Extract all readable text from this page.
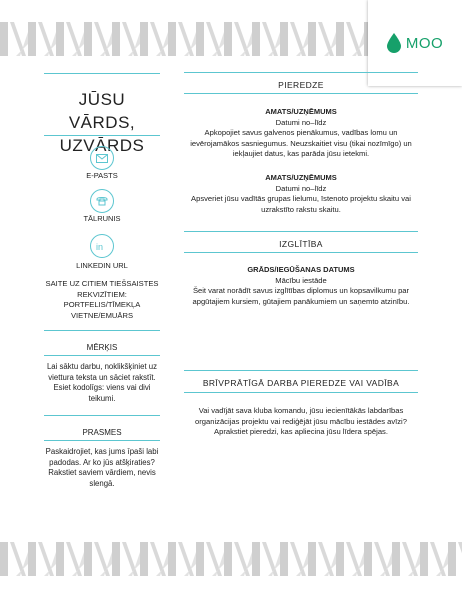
MOO
JŪSU VĀRDS,
UZVĀRDS
E-PASTS
TĀLRUNIS
in
LINKEDIN URL
SAITE UZ CITIEM TIEŠSAISTES REKVIZĪTIEM: PORTFELIS/TĪMEKĻA VIETNE/EMUĀRS
MĒRĶIS
Lai sāktu darbu, noklikšķiniet uz viettura teksta un sāciet rakstīt. Esiet kodolīgs: viens vai divi teikumi.
PRASMES
Paskaidrojiet, kas jums īpaši labi padodas. Ar ko jūs atšķiraties? Rakstiet saviem vārdiem, nevis slengā.
PIEREDZE
AMATS/UZŅĒMUMS
Datumi no–līdz
Apkopojiet savus galvenos pienākumus, vadības lomu un ievērojamākos sasniegumus. Neuzskaitiet visu (tikai nozīmīgo) un iekļaujiet datus, kas parāda jūsu ietekmi.
AMATS/UZŅĒMUMS
Datumi no–līdz
Apsveriet jūsu vadītās grupas lielumu, īstenoto projektu skaitu vai uzrakstīto rakstu skaitu.
IZGLĪTĪBA
GRĀDS/IEGŪŠANAS DATUMS
Mācību iestāde
Šeit varat norādīt savus izglītības diplomus un kopsavilkumu par apgūtajiem kursiem, gūtajiem panākumiem un saņemto atzinību.
BRĪVPRĀTĪGĀ DARBA PIEREDZE VAI VADĪBA
Vai vadījāt sava kluba komandu, jūsu iecienītākās labdarības organizācijas projektu vai rediģējāt jūsu mācību iestādes avīzi? Aprakstiet pieredzi, kas apliecina jūsu līdera spējas.
